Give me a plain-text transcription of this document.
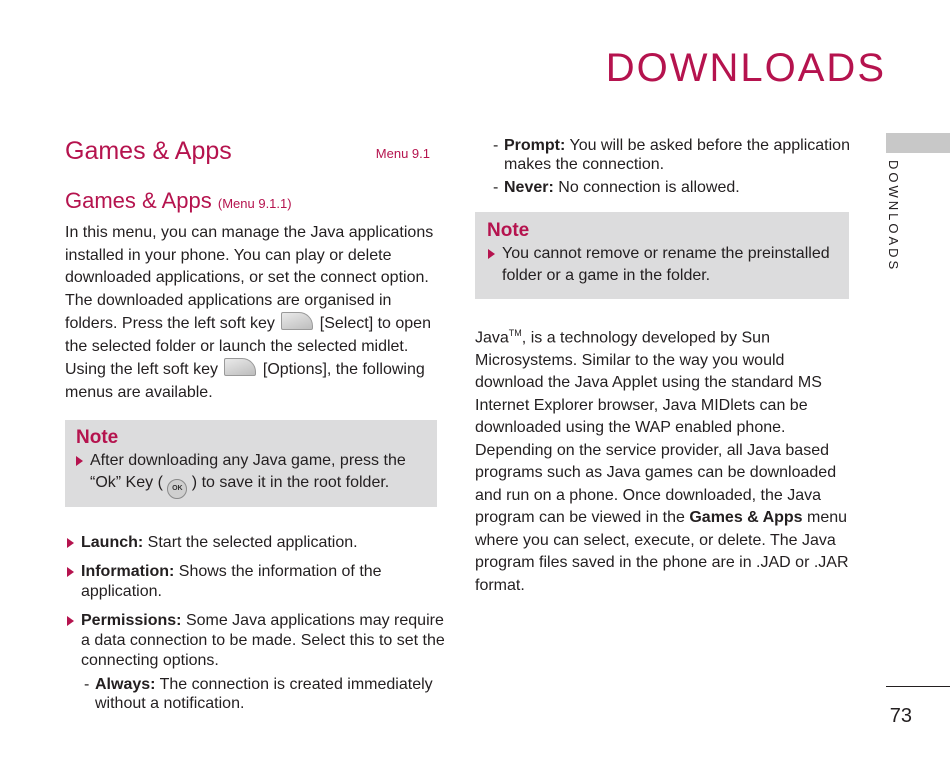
DOWNLOADS
DOWNLOADS
Games & Apps	Menu 9.1
Games & Apps (Menu 9.1.1)
In this menu, you can manage the Java applications installed in your phone. You can play or delete downloaded applications, or set the connect option. The downloaded applications are organised in folders. Press the left soft key	[Select] to open the selected folder or launch the selected midlet. Using the left soft key	[Options], the following menus are available.
Note
After downloading any Java game, press the “Ok” Key ( OK ) to save it in the root folder.
Launch: Start the selected application.
Information: Shows the information of the application.
Permissions: Some Java applications may require a data connection to be made. Select this to set the connecting options.
- Always: The connection is created immediately without a notification.
- Prompt: You will be asked before the application makes the connection.
- Never: No connection is allowed.
Note
You cannot remove or rename the preinstalled folder or a game in the folder.
Java™, is a technology developed by Sun Microsystems. Similar to the way you would download the Java Applet using the standard MS Internet Explorer browser, Java MIDlets can be downloaded using the WAP enabled phone. Depending on the service provider, all Java based programs such as Java games can be downloaded and run on a phone. Once downloaded, the Java program can be viewed in the Games & Apps menu where you can select, execute, or delete. The Java program files saved in the phone are in .JAD or .JAR format.
73
